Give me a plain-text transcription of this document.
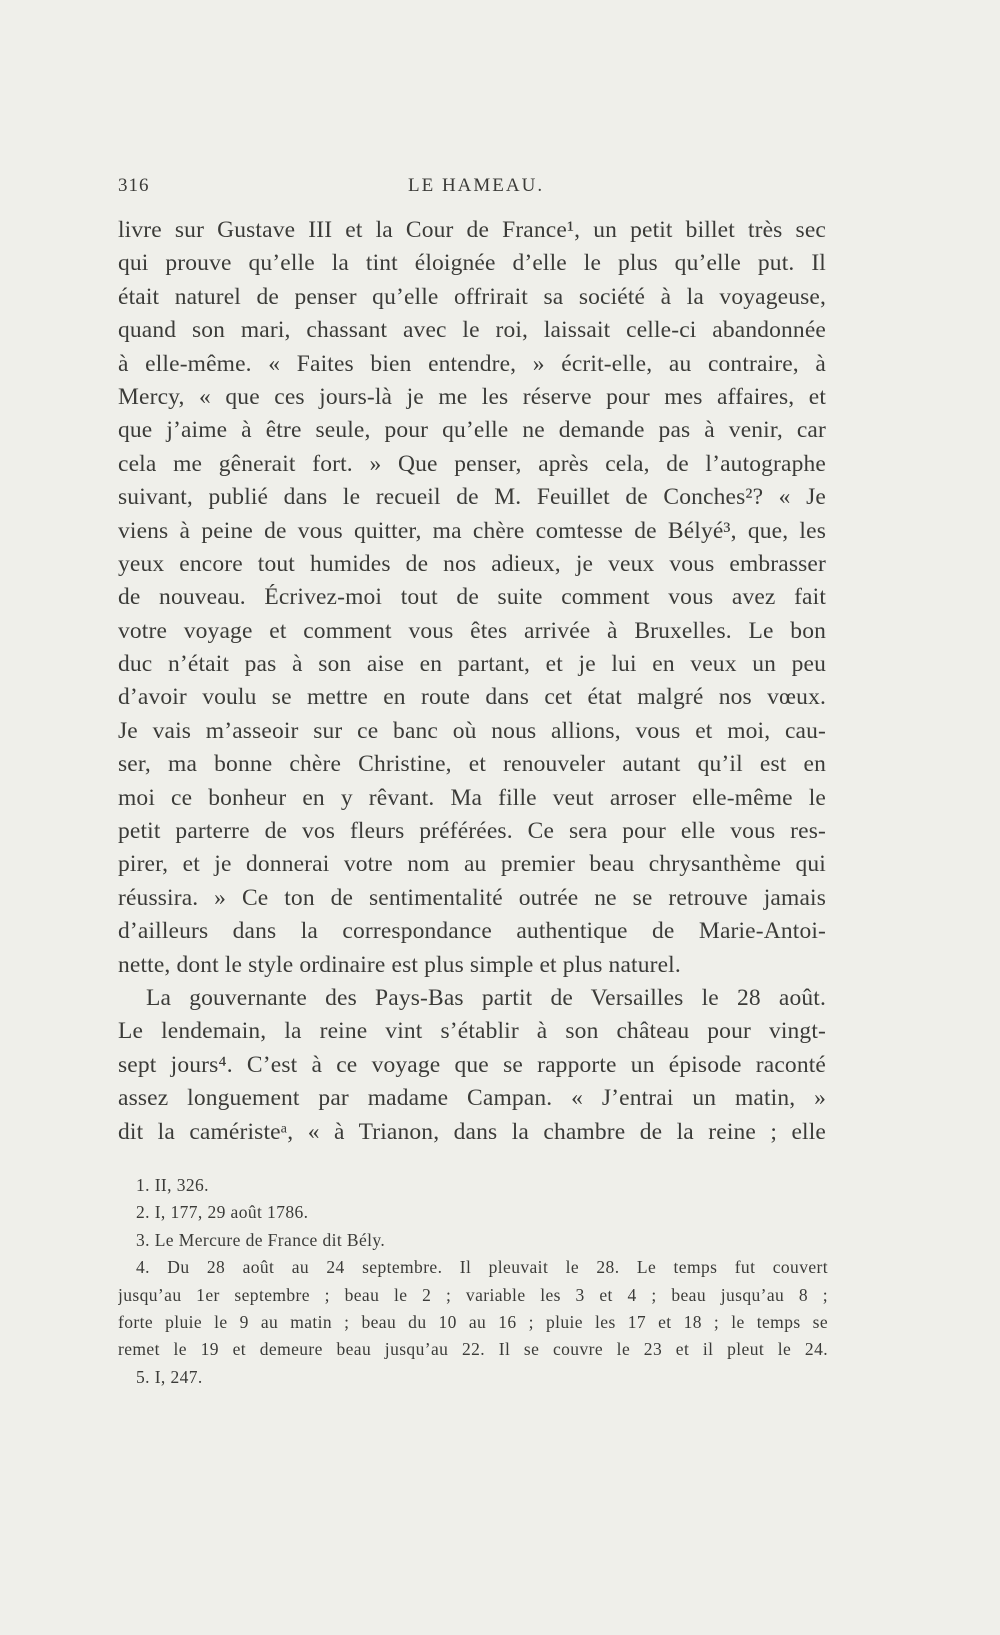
316	LE HAMEAU.
livre sur Gustave III et la Cour de France¹, un petit billet très sec
qui prouve qu’elle la tint éloignée d’elle le plus qu’elle put. Il
était naturel de penser qu’elle offrirait sa société à la voyageuse,
quand son mari, chassant avec le roi, laissait celle-ci abandonnée
à elle-même. « Faites bien entendre, » écrit-elle, au contraire, à
Mercy, « que ces jours-là je me les réserve pour mes affaires, et
que j’aime à être seule, pour qu’elle ne demande pas à venir, car
cela me gênerait fort. » Que penser, après cela, de l’autographe
suivant, publié dans le recueil de M. Feuillet de Conches²? « Je
viens à peine de vous quitter, ma chère comtesse de Bélyé³, que, les
yeux encore tout humides de nos adieux, je veux vous embrasser
de nouveau. Écrivez-moi tout de suite comment vous avez fait
votre voyage et comment vous êtes arrivée à Bruxelles. Le bon
duc n’était pas à son aise en partant, et je lui en veux un peu
d’avoir voulu se mettre en route dans cet état malgré nos vœux.
Je vais m’asseoir sur ce banc où nous allions, vous et moi, cau-
ser, ma bonne chère Christine, et renouveler autant qu’il est en
moi ce bonheur en y rêvant. Ma fille veut arroser elle-même le
petit parterre de vos fleurs préférées. Ce sera pour elle vous res-
pirer, et je donnerai votre nom au premier beau chrysanthème qui
réussira. » Ce ton de sentimentalité outrée ne se retrouve jamais
d’ailleurs dans la correspondance authentique de Marie-Antoi-
nette, dont le style ordinaire est plus simple et plus naturel.
La gouvernante des Pays-Bas partit de Versailles le 28 août.
Le lendemain, la reine vint s’établir à son château pour vingt-
sept jours⁴. C’est à ce voyage que se rapporte un épisode raconté
assez longuement par madame Campan. « J’entrai un matin, »
dit la caméristeᵃ, « à Trianon, dans la chambre de la reine ; elle
1. II, 326.
2. I, 177, 29 août 1786.
3. Le Mercure de France dit Bély.
4. Du 28 août au 24 septembre. Il pleuvait le 28. Le temps fut couvert
jusqu’au 1er septembre ; beau le 2 ; variable les 3 et 4 ; beau jusqu’au 8 ;
forte pluie le 9 au matin ; beau du 10 au 16 ; pluie les 17 et 18 ; le temps se
remet le 19 et demeure beau jusqu’au 22. Il se couvre le 23 et il pleut le 24.
5. I, 247.
